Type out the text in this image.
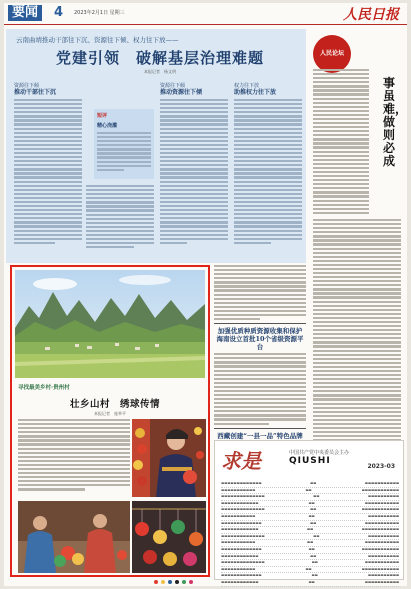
要闻	4 2023年2月1日 星期三	人民日报
云南曲靖推动干部往下沉、资源往下倾、权力往下放——
党建引领　破解基层治理难题
本报记者　杨文明
资源往下倾
推动干部往下沉
短评
精心浇灌
资源往下倾
推动资源往下倾
权力往下放
助推权力往下放
人民论坛
事虽难，做则必成
加强优质种质资源收集和保护　海南设立首批10个省级资源平台
西藏创建“一县一品”特色品牌
寻找最美乡村·贵州村
壮乡山村　绣球传情
本报记者　庞革平
求是	中国共产党中央委员会主办
QIUSHI
2023-03
▬▬▬▬▬▬▬▬▬▬▬▬▬	▬▬	▬▬▬▬▬▬▬▬▬▬▬
▬▬▬▬▬▬▬▬▬▬▬	▬▬	▬▬▬▬▬▬▬▬▬▬▬▬
▬▬▬▬▬▬▬▬▬▬▬▬▬▬	▬▬	▬▬▬▬▬▬▬▬▬▬
▬▬▬▬▬▬▬▬▬▬▬▬	▬▬	▬▬▬▬▬▬▬▬▬▬▬
▬▬▬▬▬▬▬▬▬▬▬▬▬▬	▬▬	▬▬▬▬▬▬▬▬▬▬▬▬
▬▬▬▬▬▬▬▬▬▬▬	▬▬	▬▬▬▬▬▬▬▬▬▬
▬▬▬▬▬▬▬▬▬▬▬▬▬	▬▬	▬▬▬▬▬▬▬▬▬▬▬
▬▬▬▬▬▬▬▬▬▬▬▬	▬▬	▬▬▬▬▬▬▬▬▬▬▬▬
▬▬▬▬▬▬▬▬▬▬▬▬▬▬	▬▬	▬▬▬▬▬▬▬▬▬▬
▬▬▬▬▬▬▬▬▬▬▬	▬▬	▬▬▬▬▬▬▬▬▬▬▬
▬▬▬▬▬▬▬▬▬▬▬▬▬	▬▬	▬▬▬▬▬▬▬▬▬▬▬▬
▬▬▬▬▬▬▬▬▬▬▬▬	▬▬	▬▬▬▬▬▬▬▬▬▬
▬▬▬▬▬▬▬▬▬▬▬▬▬▬	▬▬	▬▬▬▬▬▬▬▬▬▬▬
▬▬▬▬▬▬▬▬▬▬▬	▬▬	▬▬▬▬▬▬▬▬▬▬▬▬
▬▬▬▬▬▬▬▬▬▬▬▬▬	▬▬	▬▬▬▬▬▬▬▬▬▬
▬▬▬▬▬▬▬▬▬▬▬▬	▬▬	▬▬▬▬▬▬▬▬▬▬▬
